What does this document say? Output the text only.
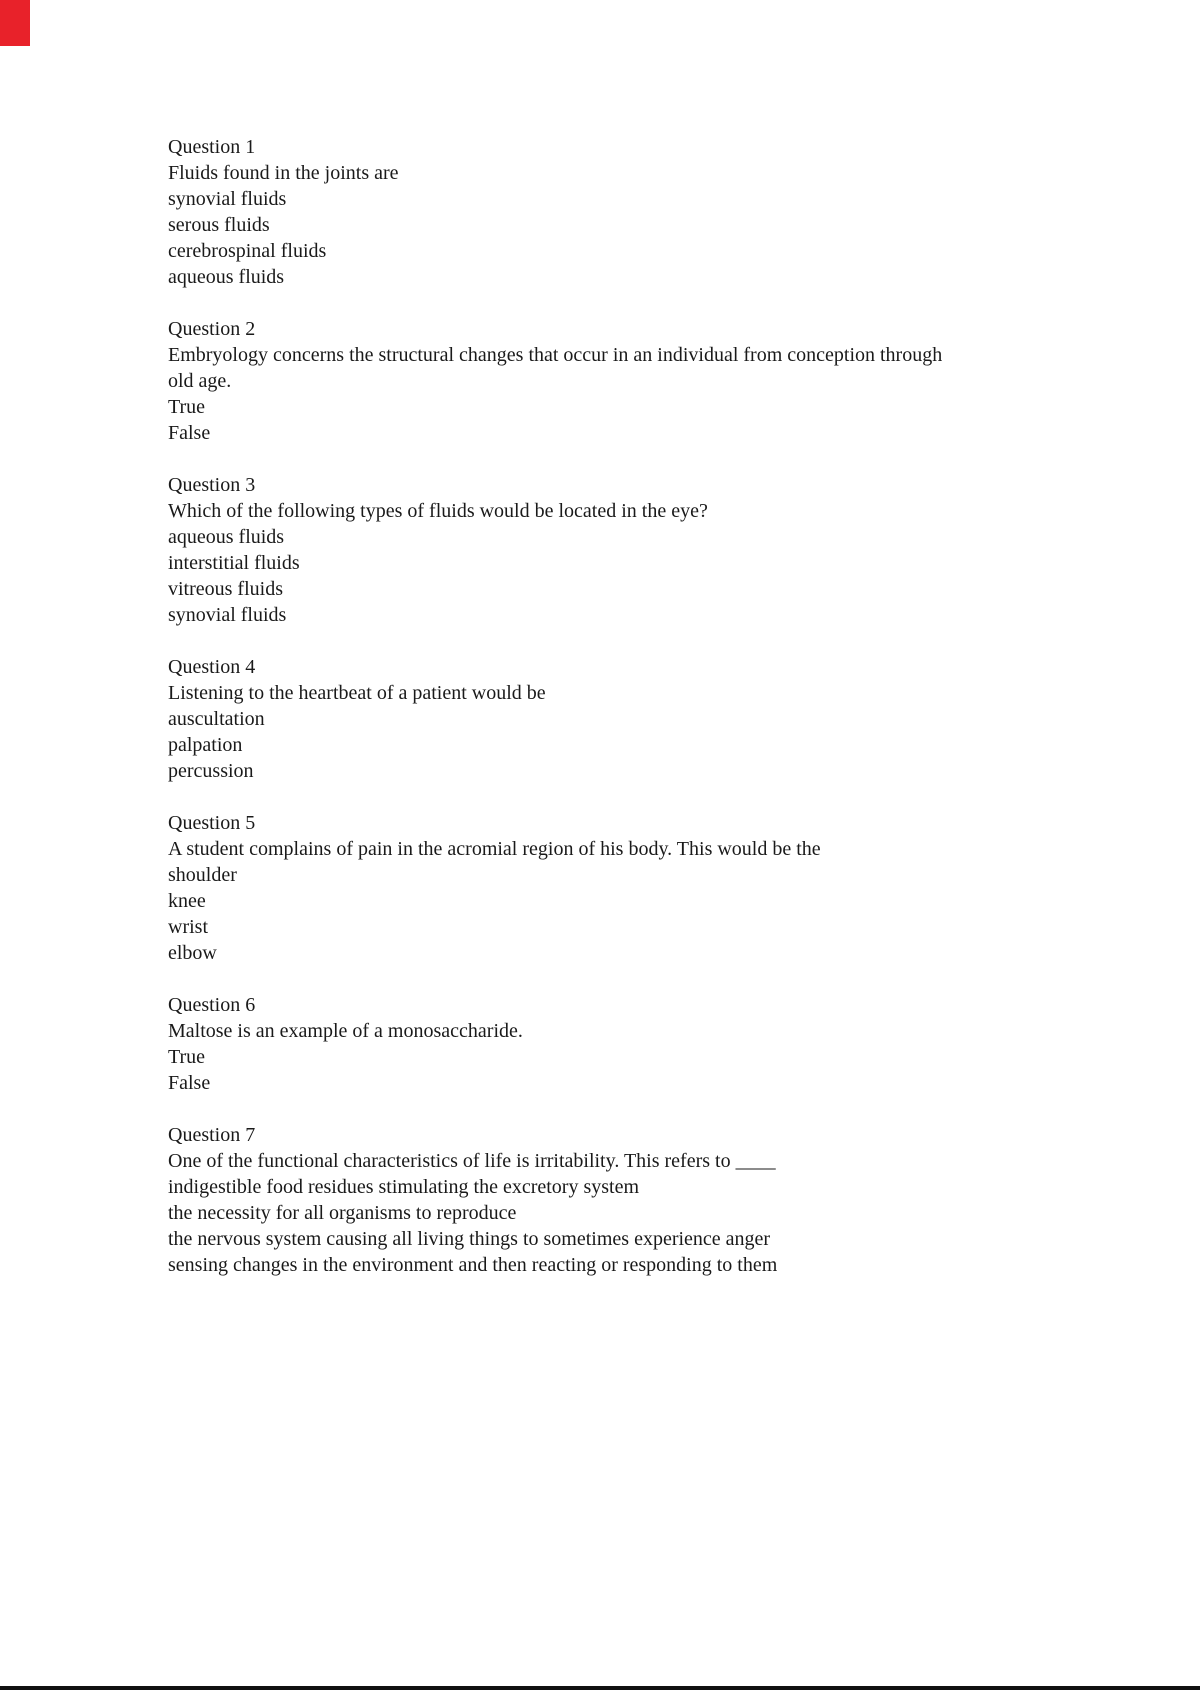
Question 1
Fluids found in the joints are
synovial fluids
serous fluids
cerebrospinal fluids
aqueous fluids
Question 2
Embryology concerns the structural changes that occur in an individual from conception through old age.
True
False
Question 3
Which of the following types of fluids would be located in the eye?
aqueous fluids
interstitial fluids
vitreous fluids
synovial fluids
Question 4
Listening to the heartbeat of a patient would be
auscultation
palpation
percussion
Question 5
A student complains of pain in the acromial region of his body. This would be the
shoulder
knee
wrist
elbow
Question 6
Maltose is an example of a monosaccharide.
True
False
Question 7
One of the functional characteristics of life is irritability. This refers to ____
indigestible food residues stimulating the excretory system
the necessity for all organisms to reproduce
the nervous system causing all living things to sometimes experience anger
sensing changes in the environment and then reacting or responding to them
